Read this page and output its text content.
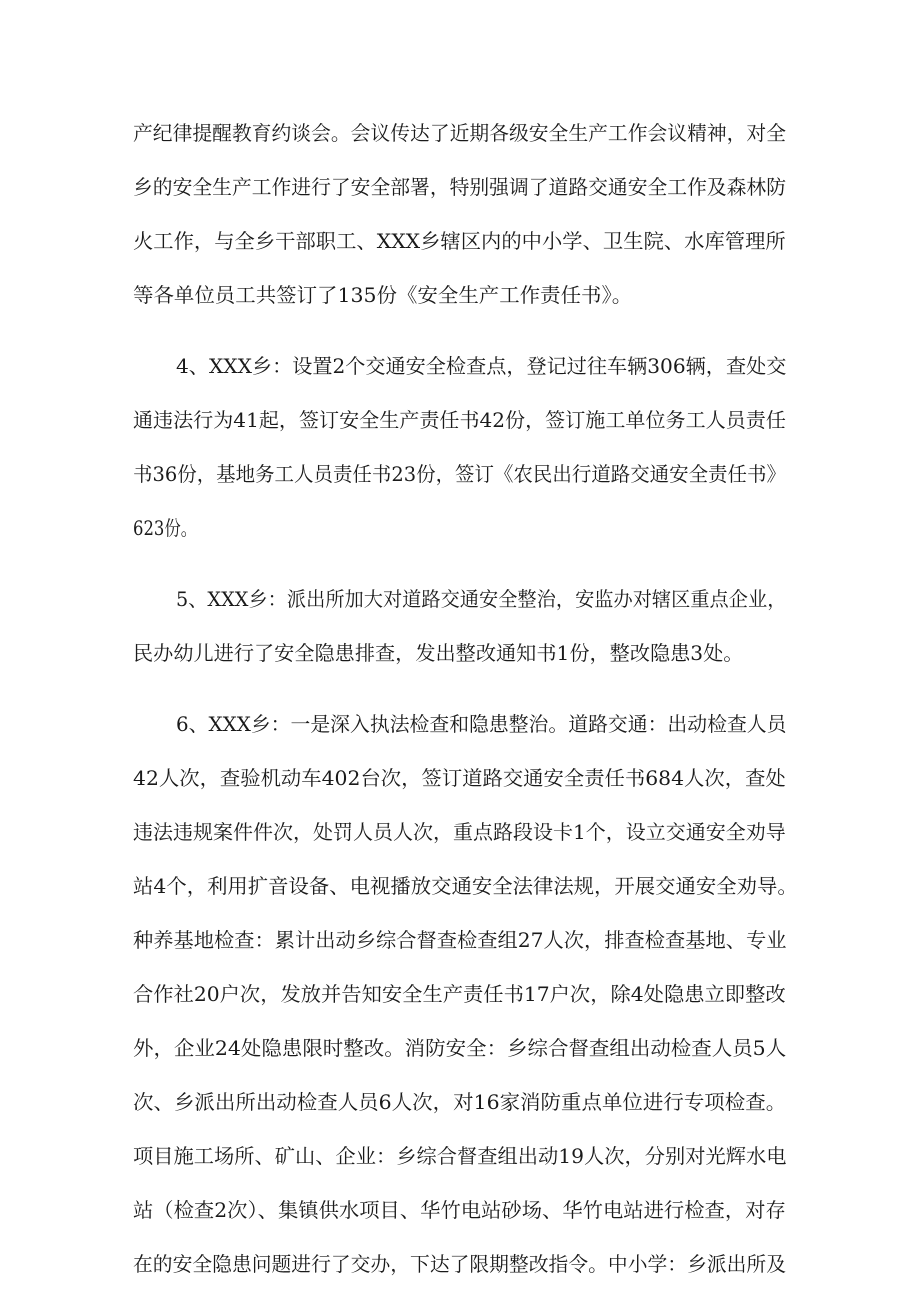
产纪律提醒教育约谈会。会议传达了近期各级安全生产工作会议精神，对全
乡的安全生产工作进行了安全部署，特别强调了道路交通安全工作及森林防
火工作，与全乡干部职工、XXX乡辖区内的中小学、卫生院、水库管理所
等各单位员工共签订了135份《安全生产工作责任书》。
4、XXX乡：设置2个交通安全检查点，登记过往车辆306辆，查处交
通违法行为41起，签订安全生产责任书42份，签订施工单位务工人员责任
书36份，基地务工人员责任书23份，签订《农民出行道路交通安全责任书》
623份。
5、XXX乡：派出所加大对道路交通安全整治，安监办对辖区重点企业，
民办幼儿进行了安全隐患排查，发出整改通知书1份，整改隐患3处。
6、XXX乡：一是深入执法检查和隐患整治。道路交通：出动检查人员
42人次，查验机动车402台次，签订道路交通安全责任书684人次，查处
违法违规案件件次，处罚人员人次，重点路段设卡1个，设立交通安全劝导
站4个，利用扩音设备、电视播放交通安全法律法规，开展交通安全劝导。
种养基地检查：累计出动乡综合督查检查组27人次，排查检查基地、专业
合作社20户次，发放并告知安全生产责任书17户次，除4处隐患立即整改
外，企业24处隐患限时整改。消防安全：乡综合督查组出动检查人员5人
次、乡派出所出动检查人员6人次，对16家消防重点单位进行专项检查。
项目施工场所、矿山、企业：乡综合督查组出动19人次，分别对光辉水电
站（检查2次）、集镇供水项目、华竹电站砂场、华竹电站进行检查，对存
在的安全隐患问题进行了交办，下达了限期整改指令。中小学：乡派出所及
